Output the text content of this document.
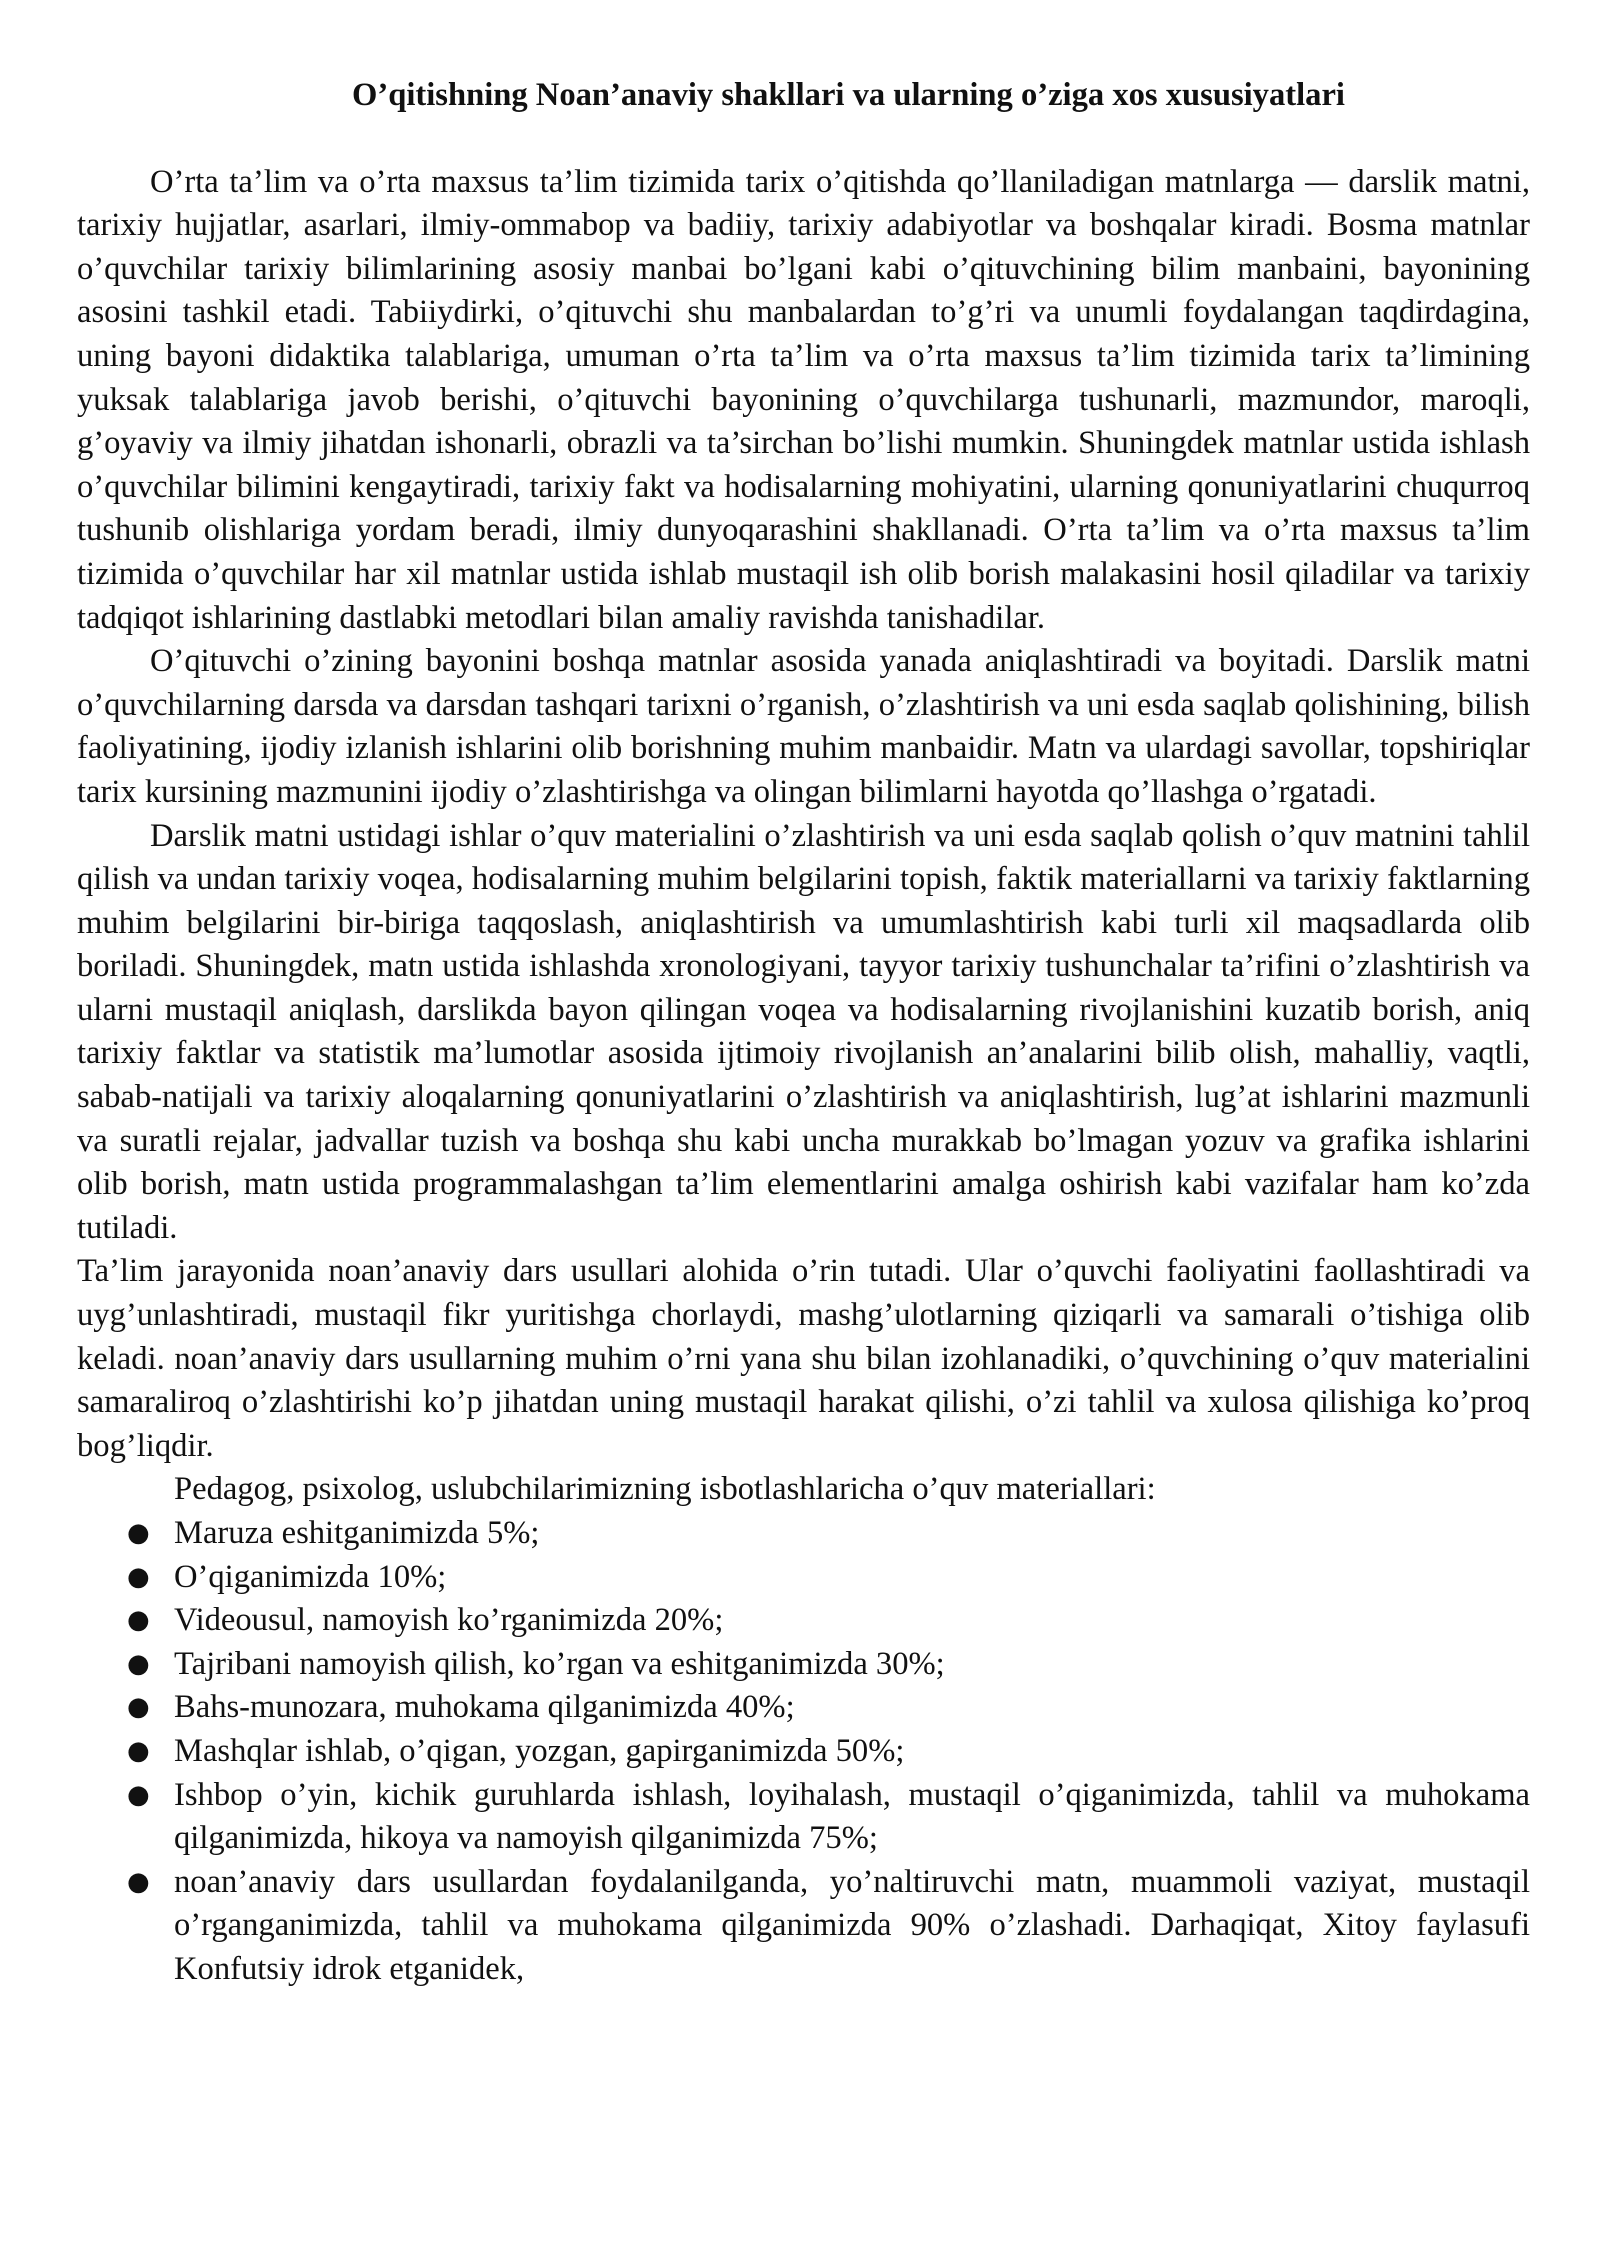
O’qitishning Noan’anaviy shakllari va ularning o’ziga xos xususiyatlari

O’rta ta’lim va o’rta maxsus ta’lim tizimida tarix o’qitishda qo’llaniladigan matnlarga — darslik matni, tarixiy hujjatlar, asarlari, ilmiy-ommabop va badiiy, tarixiy adabiyotlar va boshqalar kiradi. Bosma matnlar o’quvchilar tarixiy bilimlarining asosiy manbai bo’lgani kabi o’qituvchining bilim manbaini, bayonining asosini tashkil etadi. Tabiiydirki, o’qituvchi shu manbalardan to’g’ri va unumli foydalangan taqdirdagina, uning bayoni didaktika talablariga, umuman o’rta ta’lim va o’rta maxsus ta’lim tizimida tarix ta’limining yuksak talablariga javob berishi, o’qituvchi bayonining o’quvchilarga tushunarli, mazmundor, maroqli, g’oyaviy va ilmiy jihatdan ishonarli, obrazli va ta’sirchan bo’lishi mumkin. Shuningdek matnlar ustida ishlash o’quvchilar bilimini kengaytiradi, tarixiy fakt va hodisalarning mohiyatini, ularning qonuniyatlarini chuqurroq tushunib olishlariga yordam beradi, ilmiy dunyoqarashini shakllanadi. O’rta ta’lim va o’rta maxsus ta’lim tizimida o’quvchilar har xil matnlar ustida ishlab mustaqil ish olib borish malakasini hosil qiladilar va tarixiy tadqiqot ishlarining dastlabki metodlari bilan amaliy ravishda tanishadilar.

O’qituvchi o’zining bayonini boshqa matnlar asosida yanada aniqlashtiradi va boyitadi. Darslik matni o’quvchilarning darsda va darsdan tashqari tarixni o’rganish, o’zlashtirish va uni esda saqlab qolishining, bilish faoliyatining, ijodiy izlanish ishlarini olib borishning muhim manbaidir. Matn va ulardagi savollar, topshiriqlar tarix kursining mazmunini ijodiy o’zlashtirishga va olingan bilimlarni hayotda qo’llashga o’rgatadi.

Darslik matni ustidagi ishlar o’quv materialini o’zlashtirish va uni esda saqlab qolish o’quv matnini tahlil qilish va undan tarixiy voqea, hodisalarning muhim belgilarini topish, faktik materiallarni va tarixiy faktlarning muhim belgilarini bir-biriga taqqoslash, aniqlashtirish va umumlashtirish kabi turli xil maqsadlarda olib boriladi. Shuningdek, matn ustida ishlashda xronologiyani, tayyor tarixiy tushunchalar ta’rifini o’zlashtirish va ularni mustaqil aniqlash, darslikda bayon qilingan voqea va hodisalarning rivojlanishini kuzatib borish, aniq tarixiy faktlar va statistik ma’lumotlar asosida ijtimoiy rivojlanish an’analarini bilib olish, mahalliy, vaqtli, sabab-natijali va tarixiy aloqalarning qonuniyatlarini o’zlashtirish va aniqlashtirish, lug’at ishlarini mazmunli va suratli rejalar, jadvallar tuzish va boshqa shu kabi uncha murakkab bo’lmagan yozuv va grafika ishlarini olib borish, matn ustida programmalashgan ta’lim elementlarini amalga oshirish kabi vazifalar ham ko’zda tutiladi.

Ta’lim jarayonida noan’anaviy dars usullari alohida o’rin tutadi. Ular o’quvchi faoliyatini faollashtiradi va uyg’unlashtiradi, mustaqil fikr yuritishga chorlaydi, mashg’ulotlarning qiziqarli va samarali o’tishiga olib keladi. noan’anaviy dars usullarning muhim o’rni yana shu bilan izohlanadiki, o’quvchining o’quv materialini samaraliroq o’zlashtirishi ko’p jihatdan uning mustaqil harakat qilishi, o’zi tahlil va xulosa qilishiga ko’proq bog’liqdir.

Pedagog, psixolog, uslubchilarimizning isbotlashlaricha o’quv materiallari:

● Maruza eshitganimizda 5%;
● O’qiganimizda 10%;
● Videousul, namoyish ko’rganimizda 20%;
● Tajribani namoyish qilish, ko’rgan va eshitganimizda 30%;
● Bahs-munozara, muhokama qilganimizda 40%;
● Mashqlar ishlab, o’qigan, yozgan, gapirganimizda 50%;
● Ishbop o’yin, kichik guruhlarda ishlash, loyihalash, mustaqil o’qiganimizda, tahlil va muhokama qilganimizda, hikoya va namoyish qilganimizda 75%;
● noan’anaviy dars usullardan foydalanilganda, yo’naltiruvchi matn, muammoli vaziyat, mustaqil o’rganganimizda, tahlil va muhokama qilganimizda 90% o’zlashadi. Darhaqiqat, Xitoy faylasufi Konfutsiy idrok etganidek,
